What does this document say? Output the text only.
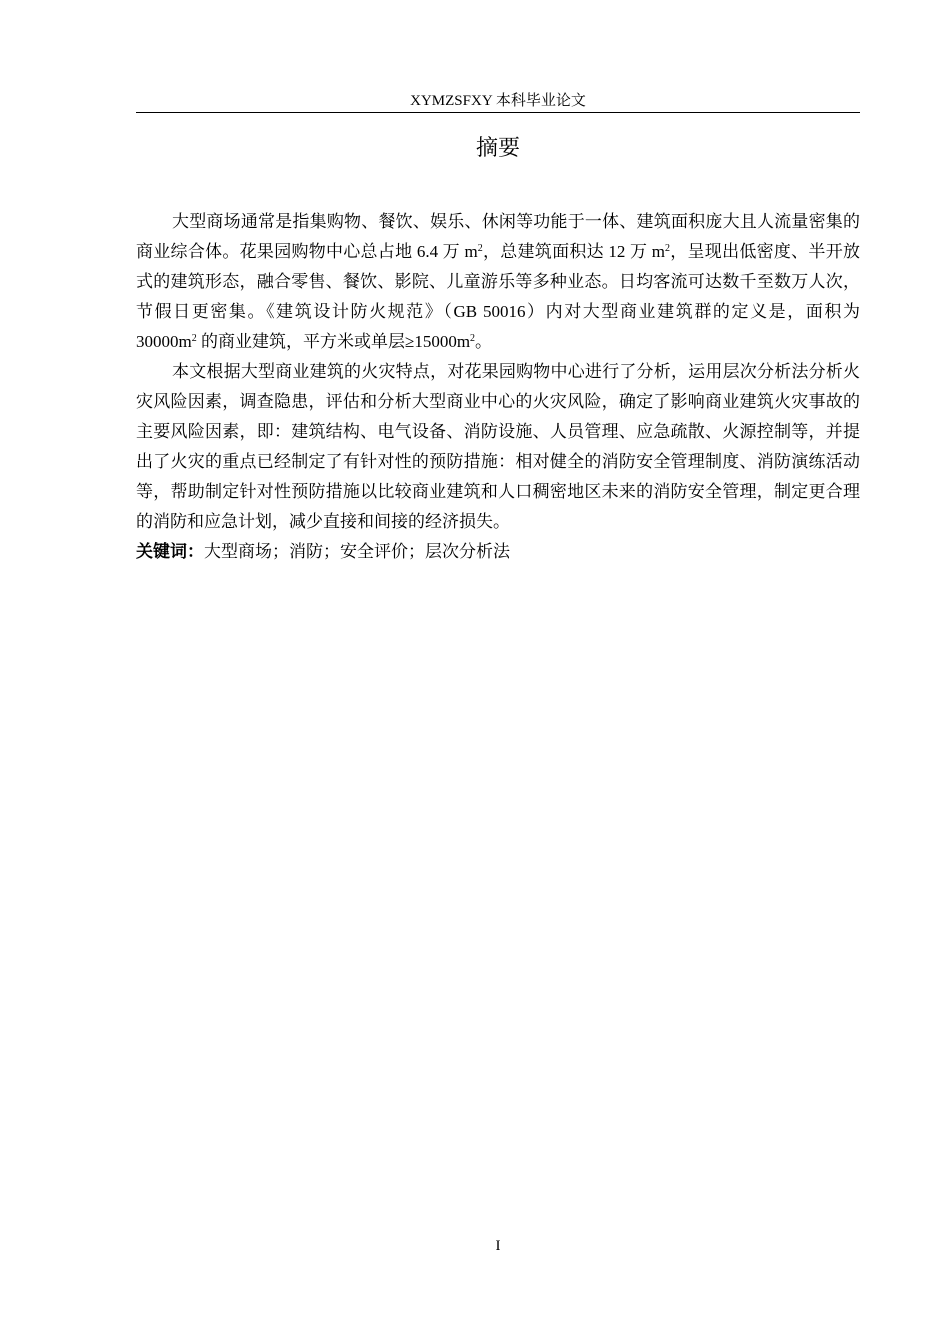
XYMZSFXY 本科毕业论文
摘要

大型商场通常是指集购物、餐饮、娱乐、休闲等功能于一体、建筑面积庞大且人流量密集的商业综合体。花果园购物中心总占地 6.4 万 $m^2$，总建筑面积达 12 万 $m^2$，呈现出低密度、半开放式的建筑形态，融合零售、餐饮、影院、儿童游乐等多种业态。日均客流可达数千至数万人次，节假日更密集。《建筑设计防火规范》（GB 50016）内对大型商业建筑群的定义是，面积为 $30000m^2$ 的商业建筑，平方米或单层$\ge 15000m^2$。

本文根据大型商业建筑的火灾特点，对花果园购物中心进行了分析，运用层次分析法分析火灾风险因素，调查隐患，评估和分析大型商业中心的火灾风险，确定了影响商业建筑火灾事故的主要风险因素，即：建筑结构、电气设备、消防设施、人员管理、应急疏散、火源控制等，并提出了火灾的重点已经制定了有针对性的预防措施：相对健全的消防安全管理制度、消防演练活动等，帮助制定针对性预防措施以比较商业建筑和人口稠密地区未来的消防安全管理，制定更合理的消防和应急计划，减少直接和间接的经济损失。

关键词：大型商场；消防；安全评价；层次分析法

I
